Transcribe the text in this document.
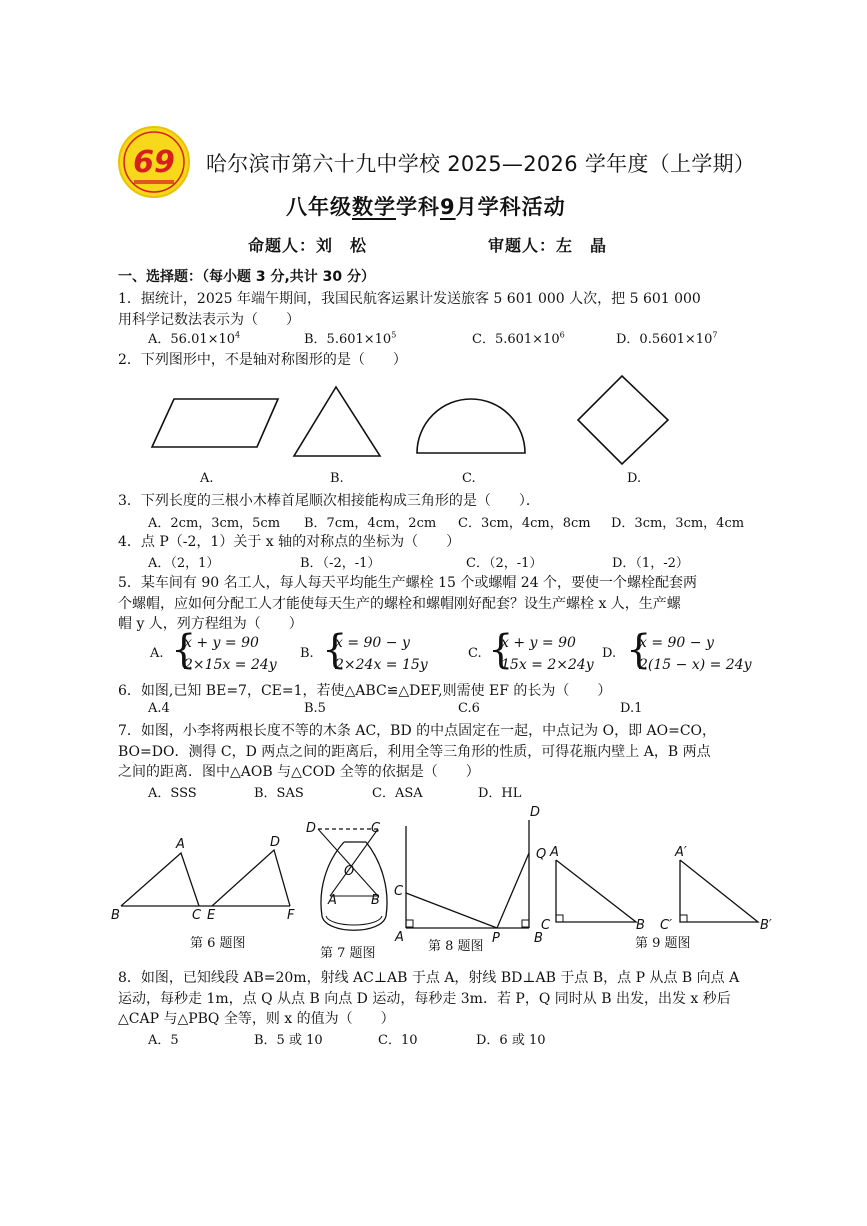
69 哈尔滨市第六十九中学校 2025—2026 学年度（上学期）
八年级数学学科9月学科活动
命题人：刘　松	审题人：左　晶
一、选择题：（每小题 3 分,共计 30 分）
1．据统计，2025 年端午期间，我国民航客运累计发送旅客 5 601 000 人次，把 5 601 000
用科学记数法表示为（　　）
A．$56.01\times 10^4$	B．$5.601\times 10^5$	C．$5.601\times 10^6$	D．$0.5601\times 10^7$
2．下列图形中，不是轴对称图形的是（　　）
A.	B.	C.	D.
3．下列长度的三根小木棒首尾顺次相接能构成三角形的是（　　）．
A．2cm，3cm，5cm B．7cm，4cm，2cm C．3cm，4cm，8cm D．3cm，3cm，4cm
4．点 P（-2，1）关于 x 轴的对称点的坐标为（　　）
A．（2，1）	B．（-2，-1）	C．（2，-1）	D．（1，-2）
5．某车间有 90 名工人，每人每天平均能生产螺栓 15 个或螺帽 24 个，要使一个螺栓配套两
个螺帽，应如何分配工人才能使每天生产的螺栓和螺帽刚好配套？设生产螺栓 x 人，生产螺
帽 y 人，列方程组为（　　）
A. {
x + y = 90
2×15x = 24y
B. {
x = 90 − y
2×24x = 15y
C. {
x + y = 90
15x = 2×24y
D. {
x = 90 − y
2(15 − x) = 24y
6．如图,已知 BE=7，CE=1，若使△ABC≌△DEF,则需使 EF 的长为（　　）
A.4	B.5	C.6	D.1
7．如图，小李将两根长度不等的木条 AC，BD 的中点固定在一起，中点记为 O，即 AO=CO，
BO=DO．测得 C，D 两点之间的距离后，利用全等三角形的性质，可得花瓶内壁上 A，B 两点
之间的距离．图中△AOB 与△COD 全等的依据是（　　）
A．SSS	B．SAS	C．ASA	D．HL
A	D
B	C E	F
D	C
O
A	B
D
Q
C
A	P	B
A
C	B
A′
C′	B′
第 6 题图
第 7 题图	第 8 题图	第 9 题图
8．如图，已知线段 AB=20m，射线 AC⊥AB 于点 A，射线 BD⊥AB 于点 B，点 P 从点 B 向点 A
运动，每秒走 1m，点 Q 从点 B 向点 D 运动，每秒走 3m．若 P，Q 同时从 B 出发，出发 x 秒后
△CAP 与△PBQ 全等，则 x 的值为（　　）
A．5	B．5 或 10	C．10	D．6 或 10
